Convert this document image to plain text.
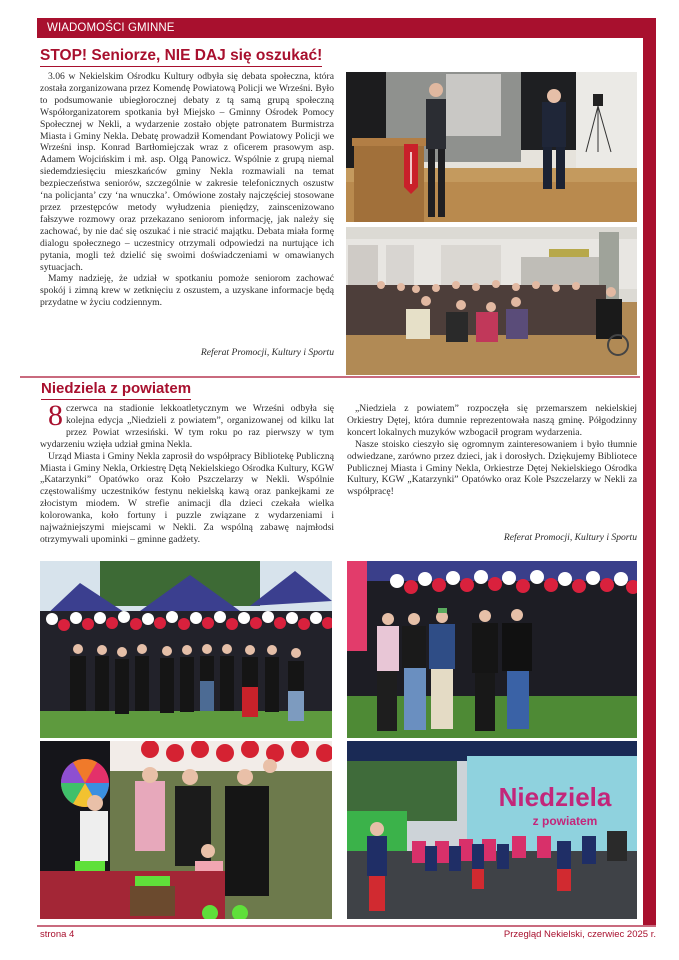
WIADOMOŚCI GMINNE
STOP! Seniorze, NIE DAJ się oszukać!

3.06 w Nekielskim Ośrodku Kultury odbyła się debata społeczna, która została zorganizowana przez Komendę Powiatową Policji we Wrześni. Było to podsumowanie ubiegłorocznej debaty z tą samą grupą społeczną Współorganizatorem spotkania był Miejsko – Gminny Ośrodek Pomocy Społecznej w Nekli, a wydarzenie zostało objęte patronatem Burmistrza Miasta i Gminy Nekla. Debatę prowadził Komendant Powiatowy Policji we Wrześni insp. Konrad Bartłomiejczak wraz z oficerem prasowym asp. Adamem Wojcińskim i mł. asp. Olgą Panowicz. Wspólnie z grupą niemal siedemdziesięciu mieszkańców gminy Nekla rozmawiali na temat bezpieczeństwa seniorów, szczególnie w zakresie telefonicznych oszustw ‘na policjanta’ czy ‘na wnuczka’. Omówione zostały najczęściej stosowane przez przestępców metody wyłudzenia pieniędzy, zainscenizowano fałszywe rozmowy oraz przekazano seniorom informację, jak należy się zachować, by nie dać się oszukać i nie stracić majątku. Debata miała formę dialogu społecznego – uczestnicy otrzymali odpowiedzi na nurtujące ich pytania, mogli też dzielić się swoimi doświadczeniami w omawianych sytuacjach.

Mamy nadzieję, że udział w spotkaniu pomoże seniorom zachować spokój i zimną krew w zetknięciu z oszustem, a uzyskane informacje będą przydatne w życiu codziennym.

Referat Promocji, Kultury i Sportu
Niedziela z powiatem

8 czerwca na stadionie lekkoatletycznym we Wrześni odbyła się kolejna edycja „Niedzieli z powiatem”, organizowanej od kilku lat przez Powiat wrzesiński. W tym roku po raz pierwszy w tym wydarzeniu wzięła udział gmina Nekla.

Urząd Miasta i Gminy Nekla zaprosił do współpracy Bibliotekę Publiczną Miasta i Gminy Nekla, Orkiestrę Dętą Nekielskiego Ośrodka Kultury, KGW „Katarzynki” Opatówko oraz Koło Pszczelarzy w Nekli. Wspólnie częstowaliśmy uczestników festynu nekielską kawą oraz pankejkami ze złocistym miodem. W strefie animacji dla dzieci czekała wielka kolorowanka, koło fortuny i puzzle związane z wydarzeniami i najważniejszymi miejscami w Nekli. Za wspólną zabawę najmłodsi otrzymywali upominki – gminne gadżety.

„Niedziela z powiatem” rozpoczęła się przemarszem nekielskiej Orkiestry Dętej, która dumnie reprezentowała naszą gminę. Półgodzinny koncert lokalnych muzyków wzbogacił program wydarzenia.

Nasze stoisko cieszyło się ogromnym zainteresowaniem i było tłumnie odwiedzane, zarówno przez dzieci, jak i dorosłych. Dziękujemy Bibliotece Publicznej Miasta i Gminy Nekla, Orkiestrze Dętej Nekielskiego Ośrodka Kultury, KGW „Katarzynki” Opatówko oraz Kole Pszczelarzy w Nekli za współpracę!

Referat Promocji, Kultury i Sportu
Niedziela
z powiatem
strona 4	Przegląd Nekielski, czerwiec 2025 r.
